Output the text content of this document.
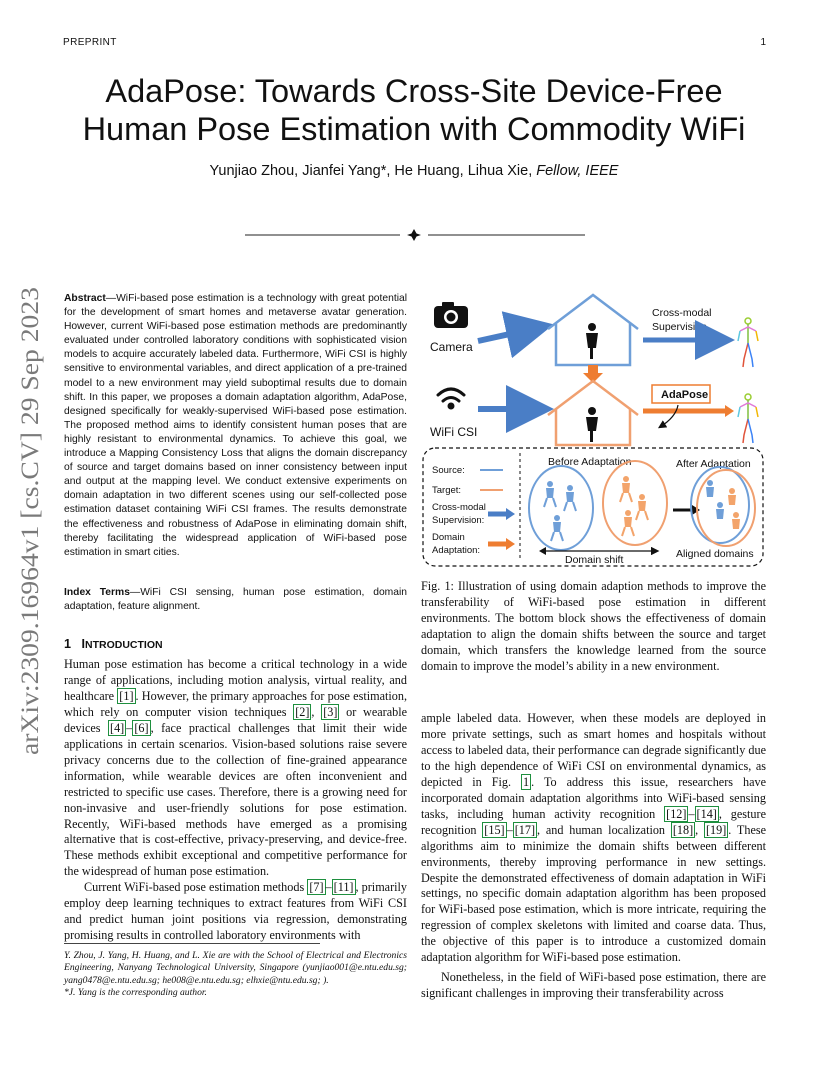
PREPRINT	1
AdaPose: Towards Cross-Site Device-Free
Human Pose Estimation with Commodity WiFi
Yunjiao Zhou, Jianfei Yang*, He Huang, Lihua Xie, Fellow, IEEE
arXiv:2309.16964v1 [cs.CV] 29 Sep 2023
Abstract—WiFi-based pose estimation is a technology with great potential for the development of smart homes and metaverse avatar generation. However, current WiFi-based pose estimation methods are predominantly evaluated under controlled laboratory conditions with sophisticated vision models to acquire accurately labeled data. Furthermore, WiFi CSI is highly sensitive to environmental variables, and direct application of a pre-trained model to a new environment may yield suboptimal results due to domain shift. In this paper, we proposes a domain adaptation algorithm, AdaPose, designed specifically for weakly-supervised WiFi-based pose estimation. The proposed method aims to identify consistent human poses that are highly resistant to environmental dynamics. To achieve this goal, we introduce a Mapping Consistency Loss that aligns the domain discrepancy of source and target domains based on inner consistency between input and output at the mapping level. We conduct extensive experiments on domain adaptation in two different scenes using our self-collected pose estimation dataset containing WiFi CSI frames. The results demonstrate the effectiveness and robustness of AdaPose in eliminating domain shift, thereby facilitating the widespread application of WiFi-based pose estimation in smart cities.
Index Terms—WiFi CSI sensing, human pose estimation, domain adaptation, feature alignment.
1 INTRODUCTION

Human pose estimation has become a critical technology in a wide range of applications, including motion analysis, virtual reality, and healthcare [1] . However, the primary approaches for pose estimation, which rely on computer vision techniques [2] , [3] or wearable devices [4] – [6] , face practical challenges that limit their wide applications in certain scenarios. Vision-based solutions raise severe privacy concerns due to the collection of fine-grained appearance information, while wearable devices are often inconvenient and restricted to specific use cases. Therefore, there is a growing need for non-invasive and user-friendly solutions for pose estimation. Recently, WiFi-based methods have emerged as a promising alternative that is cost-effective, privacy-preserving, and device-free. These methods exhibit exceptional and competitive performance for the widespread of human pose estimation.

Current WiFi-based pose estimation methods [7] – [11] , primarily employ deep learning techniques to extract features from WiFi CSI and predict human joint positions via regression, demonstrating promising results in controlled laboratory environments with

Y. Zhou, J. Yang, H. Huang, and L. Xie are with the School of Electrical and Electronics Engineering, Nanyang Technological University, Singapore (yunjiao001@e.ntu.edu.sg; yang0478@e.ntu.edu.sg; he008@e.ntu.edu.sg; elhxie@ntu.edu.sg; ).
*J. Yang is the corresponding author.
Camera
WiFi CSI
Cross-modal
Supervision
AdaPose
Source:
Target:
Cross-modal
Supervision:
Domain
Adaptation:
Before Adaptation	After Adaptation
Domain shift	Aligned domains
Fig. 1: Illustration of using domain adaption methods to improve the transferability of WiFi-based pose estimation in different environments. The bottom block shows the effectiveness of domain adaptation to align the domain shifts between the source and target domain, which transfers the knowledge learned from the source domain to improve the model’s ability in a new environment.

ample labeled data. However, when these models are deployed in more private settings, such as smart homes and hospitals without access to labeled data, their performance can degrade significantly due to the high dependence of WiFi CSI on environmental dynamics, as depicted in Fig. 1 . To address this issue, researchers have incorporated domain adaptation algorithms into WiFi-based sensing tasks, including human activity recognition [12] – [14] , gesture recognition [15] – [17] , and human localization [18] , [19] . These algorithms aim to minimize the domain shifts between different environments, thereby improving performance in new settings. Despite the demonstrated effectiveness of domain adaptation in WiFi settings, no specific domain adaptation algorithm has been proposed for WiFi-based pose estimation, which is more intricate, requiring the regression of complex skeletons with limited and coarse data. Thus, the objective of this paper is to introduce a customized domain adaptation algorithm for WiFi-based pose estimation.

Nonetheless, in the field of WiFi-based pose estimation, there are significant challenges in improving their transferability across
